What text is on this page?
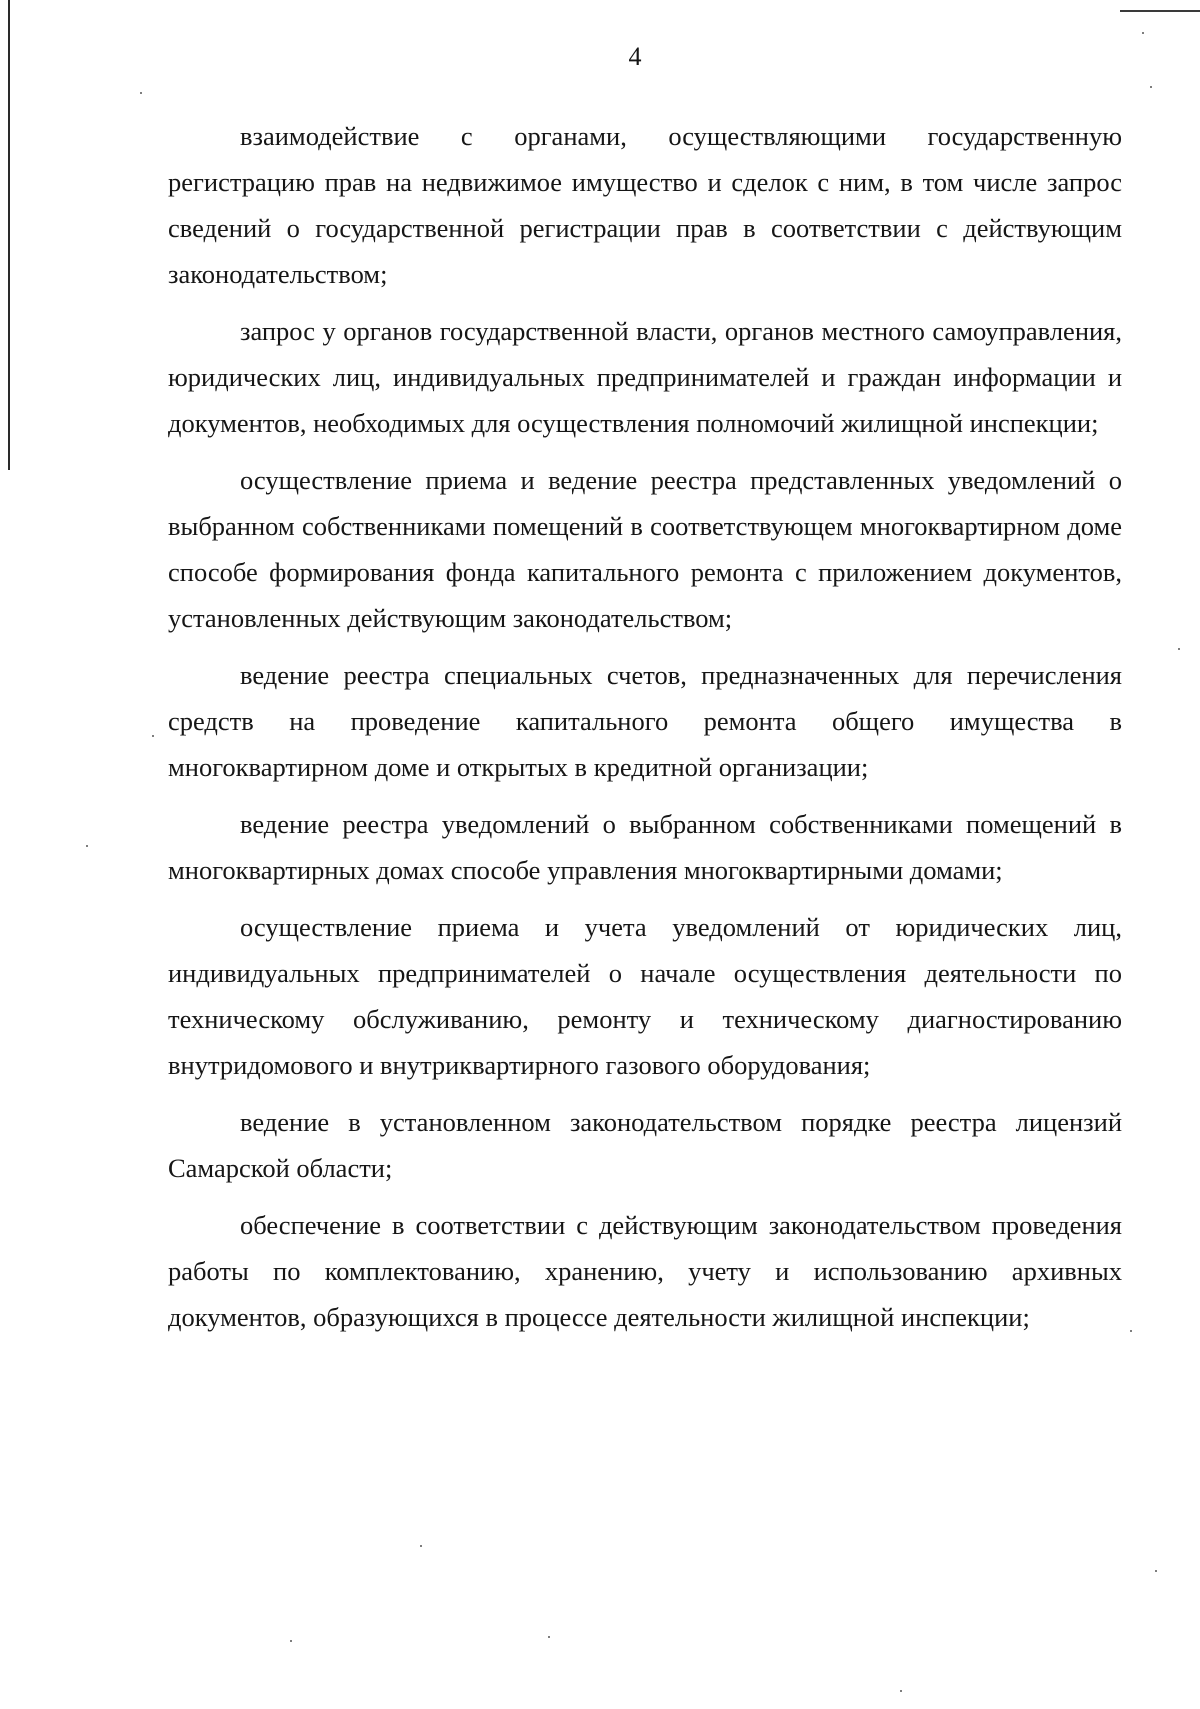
4

взаимодействие с органами, осуществляющими государственную регистрацию прав на недвижимое имущество и сделок с ним, в том числе запрос сведений о государственной регистрации прав в соответствии с действующим законодательством;

запрос у органов государственной власти, органов местного самоуправления, юридических лиц, индивидуальных предпринимателей и граждан информации и документов, необходимых для осуществления полномочий жилищной инспекции;

осуществление приема и ведение реестра представленных уведомлений о выбранном собственниками помещений в соответствующем многоквартирном доме способе формирования фонда капитального ремонта с приложением документов, установленных действующим законодательством;

ведение реестра специальных счетов, предназначенных для перечисления средств на проведение капитального ремонта общего имущества в многоквартирном доме и открытых в кредитной организации;

ведение реестра уведомлений о выбранном собственниками помещений в многоквартирных домах способе управления многоквартирными домами;

осуществление приема и учета уведомлений от юридических лиц, индивидуальных предпринимателей о начале осуществления деятельности по техническому обслуживанию, ремонту и техническому диагностированию внутридомового и внутриквартирного газового оборудования;

ведение в установленном законодательством порядке реестра лицензий Самарской области;

обеспечение в соответствии с действующим законодательством проведения работы по комплектованию, хранению, учету и использованию архивных документов, образующихся в процессе деятельности жилищной инспекции;
